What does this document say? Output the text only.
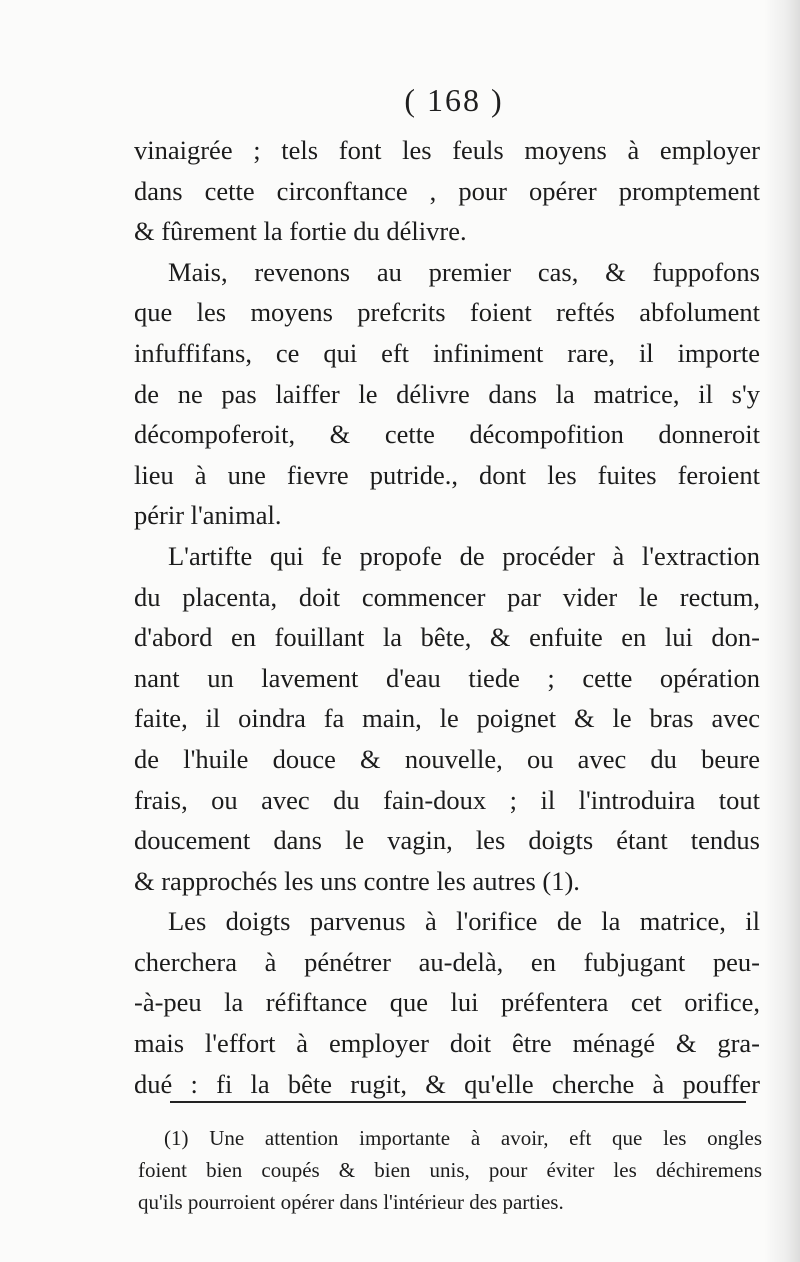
( 168 )
vinaigrée ; tels font les feuls moyens à employer
dans cette circonftance , pour opérer promptement
& fûrement la fortie du délivre.
Mais, revenons au premier cas, & fuppofons
que les moyens prefcrits foient reftés abfolument
infuffifans, ce qui eft infiniment rare, il importe
de ne pas laiffer le délivre dans la matrice, il s'y
décompoferoit, & cette décompofition donneroit
lieu à une fievre putride., dont les fuites feroient
périr l'animal.
L'artifte qui fe propofe de procéder à l'extraction
du placenta, doit commencer par vider le rectum,
d'abord en fouillant la bête, & enfuite en lui don-
nant un lavement d'eau tiede ; cette opération
faite, il oindra fa main, le poignet & le bras avec
de l'huile douce & nouvelle, ou avec du beure
frais, ou avec du fain-doux ; il l'introduira tout
doucement dans le vagin, les doigts étant tendus
& rapprochés les uns contre les autres (1).
Les doigts parvenus à l'orifice de la matrice, il
cherchera à pénétrer au-delà, en fubjugant peu-
-à-peu la réfiftance que lui préfentera cet orifice,
mais l'effort à employer doit être ménagé & gra-
dué : fi la bête rugit, & qu'elle cherche à pouffer
(1) Une attention importante à avoir, eft que les ongles
foient bien coupés & bien unis, pour éviter les déchiremens
qu'ils pourroient opérer dans l'intérieur des parties.
